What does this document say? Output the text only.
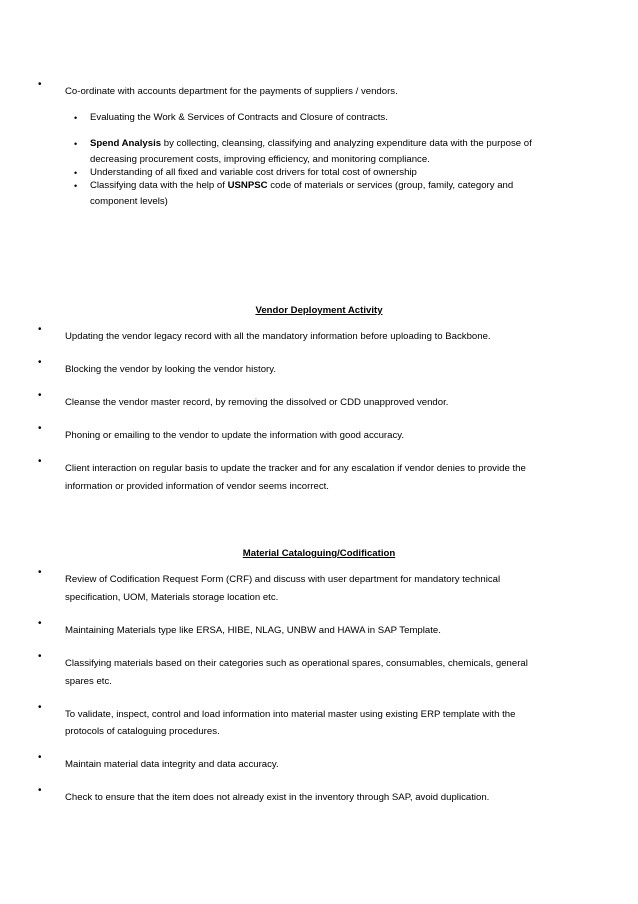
•
Co-ordinate with accounts department for the payments of suppliers / vendors.
• Evaluating the Work & Services of Contracts and Closure of contracts.
• Spend Analysis by collecting, cleansing, classifying and analyzing expenditure data with the purpose of
decreasing procurement costs, improving efficiency, and monitoring compliance.
• Understanding of all fixed and variable cost drivers for total cost of ownership
• Classifying data with the help of USNPSC code of materials or services (group, family, category and
component levels)
Vendor Deployment Activity
•
Updating the vendor legacy record with all the mandatory information before uploading to Backbone.
•
Blocking the vendor by looking the vendor history.
•
Cleanse the vendor master record, by removing the dissolved or CDD unapproved vendor.
•
Phoning or emailing to the vendor to update the information with good accuracy.
•
Client interaction on regular basis to update the tracker and for any escalation if vendor denies to provide the
information or provided information of vendor seems incorrect.
Material Cataloguing/Codification
•
Review of Codification Request Form (CRF) and discuss with user department for mandatory technical
specification, UOM, Materials storage location etc.
•
Maintaining Materials type like ERSA, HIBE, NLAG, UNBW and HAWA in SAP Template.
•
Classifying materials based on their categories such as operational spares, consumables, chemicals, general
spares etc.
•
To validate, inspect, control and load information into material master using existing ERP template with the
protocols of cataloguing procedures.
•
Maintain material data integrity and data accuracy.
•
Check to ensure that the item does not already exist in the inventory through SAP, avoid duplication.
